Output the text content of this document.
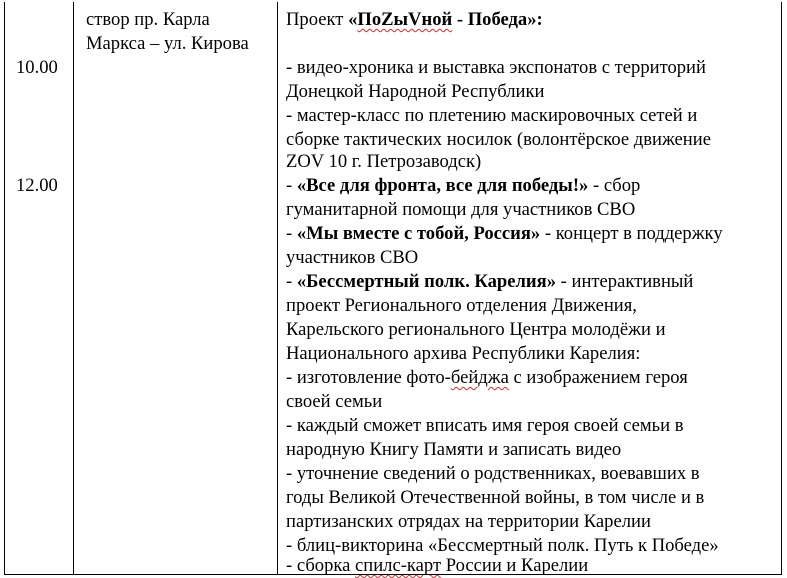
10.00
12.00
створ пр. Карла
Маркса – ул. Кирова
Проект «ПоZыVной - Победа»:
- видео-хроника и выставка экспонатов с территорий
Донецкой Народной Республики
- мастер-класс по плетению маскировочных сетей и
сборке тактических носилок (волонтёрское движение
ZOV 10 г. Петрозаводск)
- «Все для фронта, все для победы!» - сбор
гуманитарной помощи для участников СВО
- «Мы вместе с тобой, Россия» - концерт в поддержку
участников СВО
- «Бессмертный полк. Карелия» - интерактивный
проект Регионального отделения Движения,
Карельского регионального Центра молодёжи и
Национального архива Республики Карелия:
- изготовление фото-бейджа с изображением героя
своей семьи
- каждый сможет вписать имя героя своей семьи в
народную Книгу Памяти и записать видео
- уточнение сведений о родственниках, воевавших в
годы Великой Отечественной войны, в том числе и в
партизанских отрядах на территории Карелии
- блиц-викторина «Бессмертный полк. Путь к Победе»
- сборка спилс-карт России и Карелии
